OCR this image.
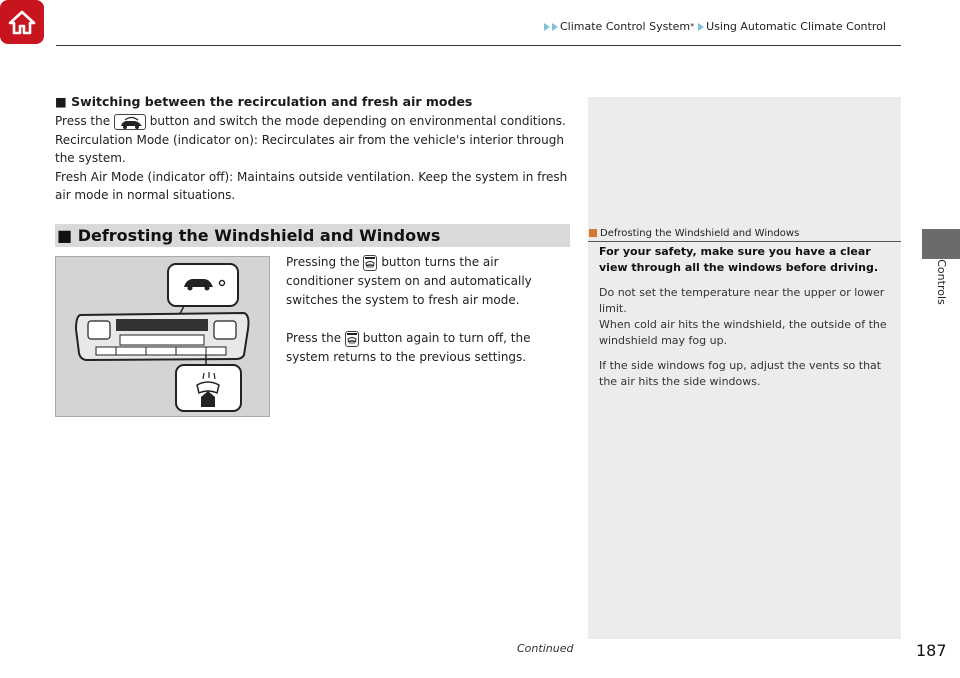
Climate Control System * Using Automatic Climate Control
Controls
■ Switching between the recirculation and fresh air modes
Press the	button and switch the mode depending on environmental conditions.
Recirculation Mode (indicator on): Recirculates air from the vehicle's interior through the system.
Fresh Air Mode (indicator off): Maintains outside ventilation. Keep the system in fresh air mode in normal situations.
■ Defrosting the Windshield and Windows

Pressing the button turns the air conditioner system on and automatically switches the system to fresh air mode.

Press the button again to turn off, the system returns to the previous settings.

Defrosting the Windshield and Windows

For your safety, make sure you have a clear view through all the windows before driving.

Do not set the temperature near the upper or lower limit.
When cold air hits the windshield, the outside of the windshield may fog up.

If the side windows fog up, adjust the vents so that the air hits the side windows.

Continued	187
